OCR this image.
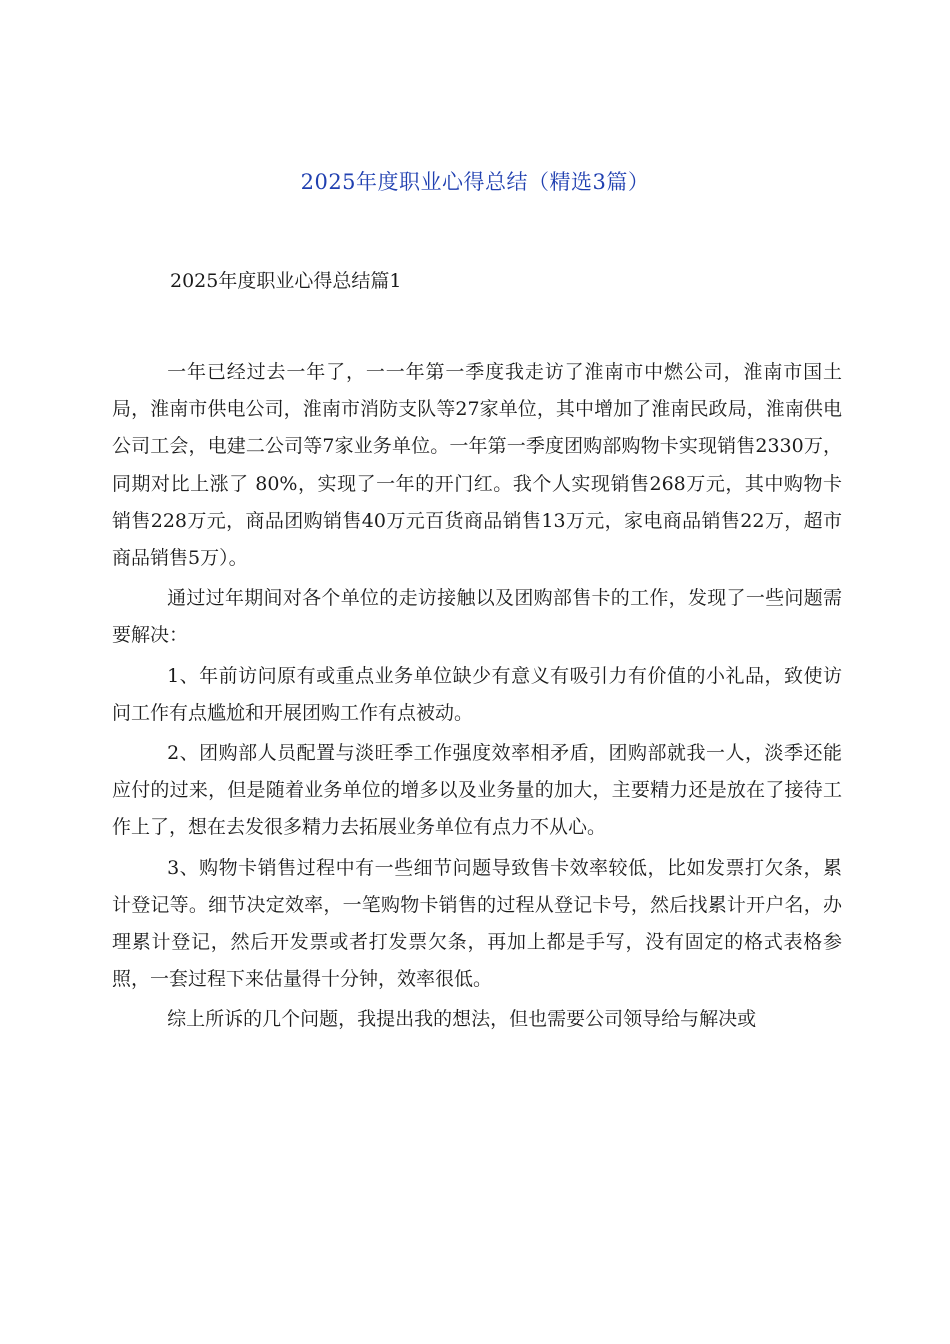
2025年度职业心得总结（精选3篇）
2025年度职业心得总结篇1

一年已经过去一年了，一一年第一季度我走访了淮南市中燃公司，淮南市国土局，淮南市供电公司，淮南市消防支队等27家单位，其中增加了淮南民政局，淮南供电公司工会，电建二公司等7家业务单位。一年第一季度团购部购物卡实现销售2330万，同期对比上涨了 80%，实现了一年的开门红。我个人实现销售268万元，其中购物卡销售228万元，商品团购销售40万元百货商品销售13万元，家电商品销售22万，超市商品销售5万）。

通过过年期间对各个单位的走访接触以及团购部售卡的工作，发现了一些问题需要解决：

1、年前访问原有或重点业务单位缺少有意义有吸引力有价值的小礼品，致使访问工作有点尴尬和开展团购工作有点被动。

2、团购部人员配置与淡旺季工作强度效率相矛盾，团购部就我一人，淡季还能应付的过来，但是随着业务单位的增多以及业务量的加大，主要精力还是放在了接待工作上了，想在去发很多精力去拓展业务单位有点力不从心。

3、购物卡销售过程中有一些细节问题导致售卡效率较低，比如发票打欠条，累计登记等。细节决定效率，一笔购物卡销售的过程从登记卡号，然后找累计开户名，办理累计登记，然后开发票或者打发票欠条，再加上都是手写，没有固定的格式表格参照，一套过程下来估量得十分钟，效率很低。

综上所诉的几个问题，我提出我的想法，但也需要公司领导给与解决或
